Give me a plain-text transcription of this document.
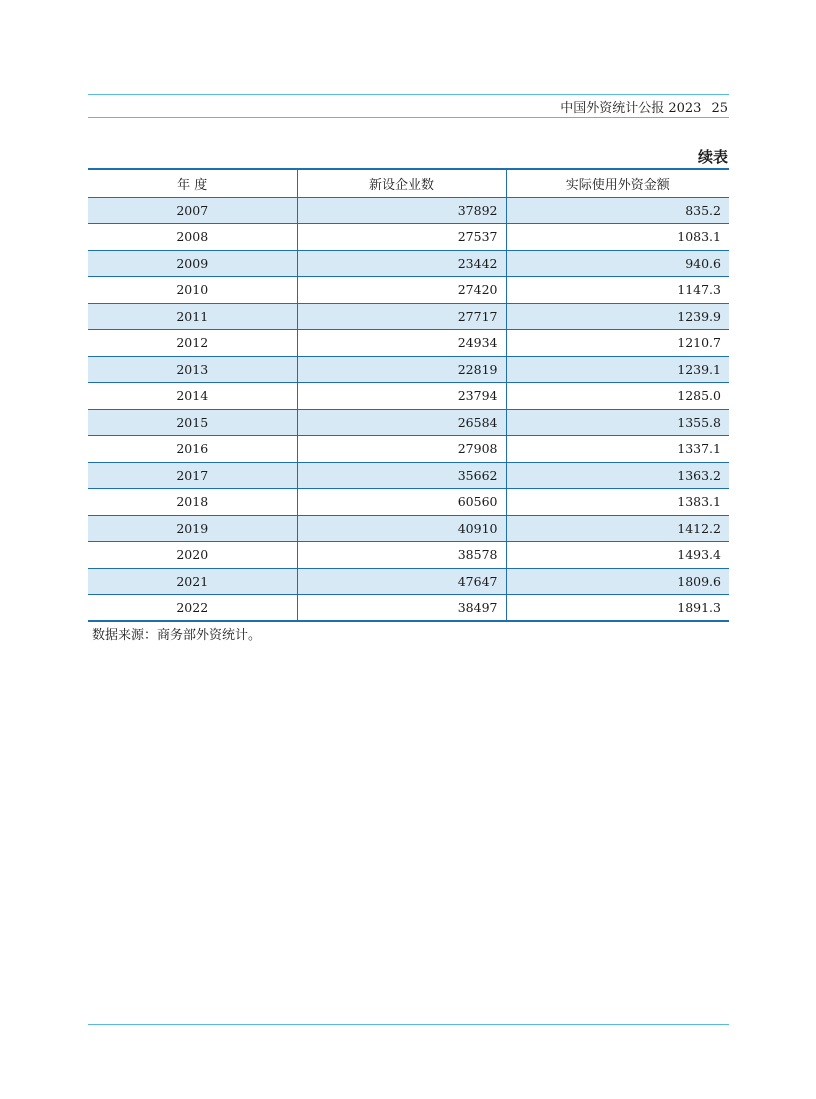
中国外资统计公报 2023 25
续表
年 度	新设企业数	实际使用外资金额
2007	37892	835.2
2008	27537	1083.1
2009	23442	940.6
2010	27420	1147.3
2011	27717	1239.9
2012	24934	1210.7
2013	22819	1239.1
2014	23794	1285.0
2015	26584	1355.8
2016	27908	1337.1
2017	35662	1363.2
2018	60560	1383.1
2019	40910	1412.2
2020	38578	1493.4
2021	47647	1809.6
2022	38497	1891.3
数据来源：商务部外资统计。
